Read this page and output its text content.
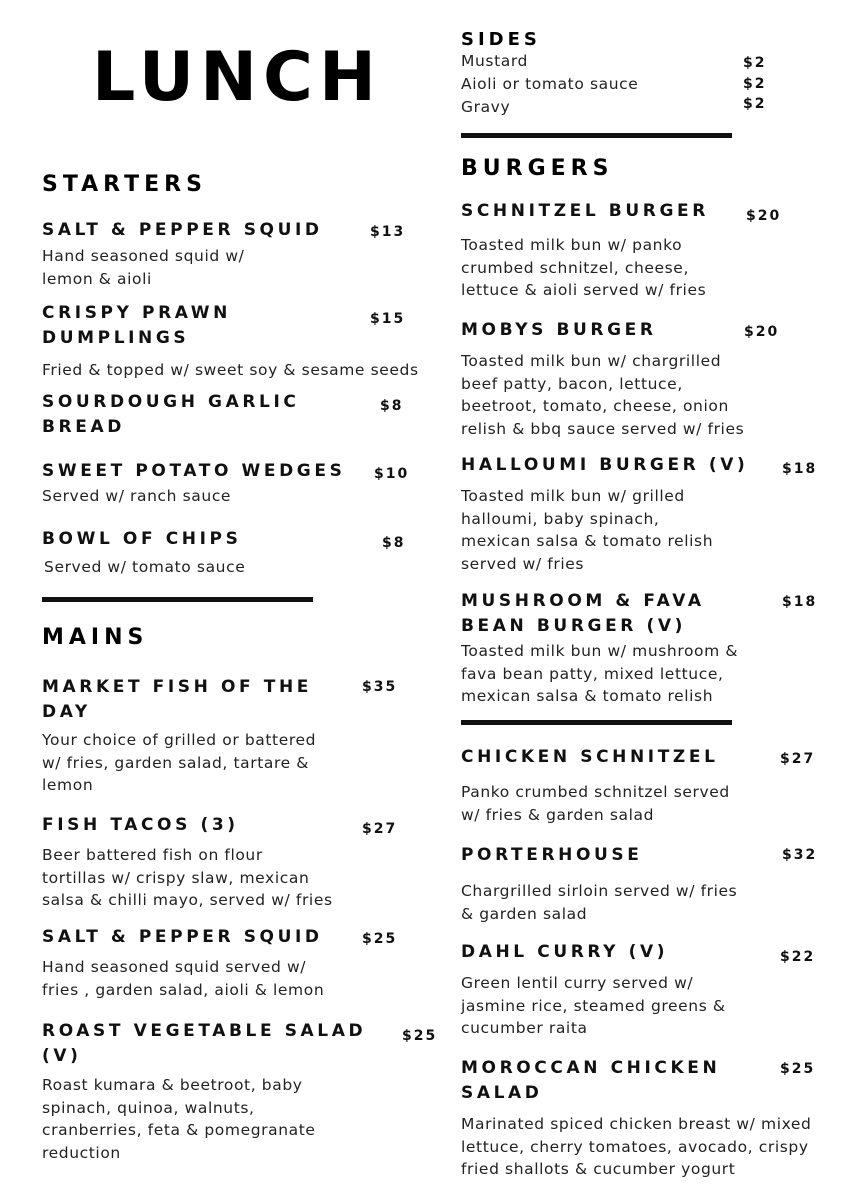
LUNCH
STARTERS
SALT & PEPPER SQUID	$13
Hand seasoned squid w/
lemon & aioli
CRISPY PRAWN
DUMPLINGS
$15
Fried & topped w/ sweet soy & sesame seeds
SOURDOUGH GARLIC
BREAD
$8
SWEET POTATO WEDGES $10
Served w/ ranch sauce
BOWL OF CHIPS	$8
Served w/ tomato sauce
MAINS
MARKET FISH OF THE
DAY
$35
Your choice of grilled or battered
w/ fries, garden salad, tartare &
lemon
FISH TACOS (3)	$27
Beer battered fish on flour
tortillas w/ crispy slaw, mexican
salsa & chilli mayo, served w/ fries
SALT & PEPPER SQUID	$25
Hand seasoned squid served w/
fries , garden salad, aioli & lemon
ROAST VEGETABLE SALAD
(V)
$25
Roast kumara & beetroot, baby
spinach, quinoa, walnuts,
cranberries, feta & pomegranate
reduction
SIDES
Mustard	$2
Aioli or tomato sauce	$2
Gravy	$2
BURGERS
SCHNITZEL BURGER	$20
Toasted milk bun w/ panko
crumbed schnitzel, cheese,
lettuce & aioli served w/ fries
MOBYS BURGER	$20
Toasted milk bun w/ chargrilled
beef patty, bacon, lettuce,
beetroot, tomato, cheese, onion
relish & bbq sauce served w/ fries
HALLOUMI BURGER (V) $18
Toasted milk bun w/ grilled
halloumi, baby spinach,
mexican salsa & tomato relish
served w/ fries
MUSHROOM & FAVA
BEAN BURGER (V)
$18
Toasted milk bun w/ mushroom &
fava bean patty, mixed lettuce,
mexican salsa & tomato relish
CHICKEN SCHNITZEL	$27
Panko crumbed schnitzel served
w/ fries & garden salad
PORTERHOUSE	$32
Chargrilled sirloin served w/ fries
& garden salad
DAHL CURRY (V)	$22
Green lentil curry served w/
jasmine rice, steamed greens &
cucumber raita
MOROCCAN CHICKEN
SALAD
$25
Marinated spiced chicken breast w/ mixed
lettuce, cherry tomatoes, avocado, crispy
fried shallots & cucumber yogurt
